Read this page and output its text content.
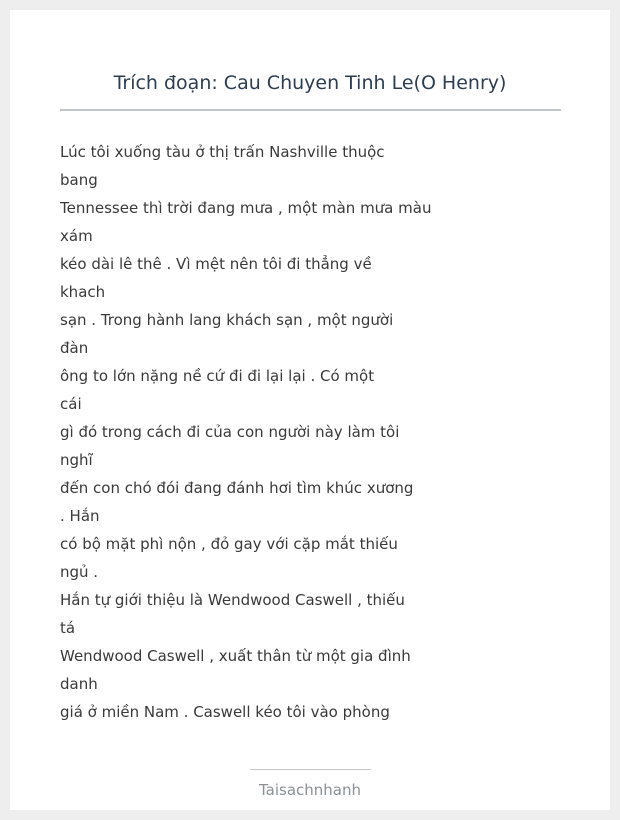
Trích đoạn: Cau Chuyen Tinh Le(O Henry)
Lúc tôi xuống tàu ở thị trấn Nashville thuộc
bang
Tennessee thì trời đang mưa , một màn mưa màu
xám
kéo dài lê thê . Vì mệt nên tôi đi thẳng về
khach
sạn . Trong hành lang khách sạn , một người
đàn
ông to lớn nặng nề cứ đi đi lại lại . Có một
cái
gì đó trong cách đi của con người này làm tôi
nghĩ
đến con chó đói đang đánh hơi tìm khúc xương
. Hắn
có bộ mặt phì nộn , đỏ gay với cặp mắt thiếu
ngủ .
Hắn tự giới thiệu là Wendwood Caswell , thiếu
tá
Wendwood Caswell , xuất thân từ một gia đình
danh
giá ở miền Nam . Caswell kéo tôi vào phòng
Taisachnhanh
